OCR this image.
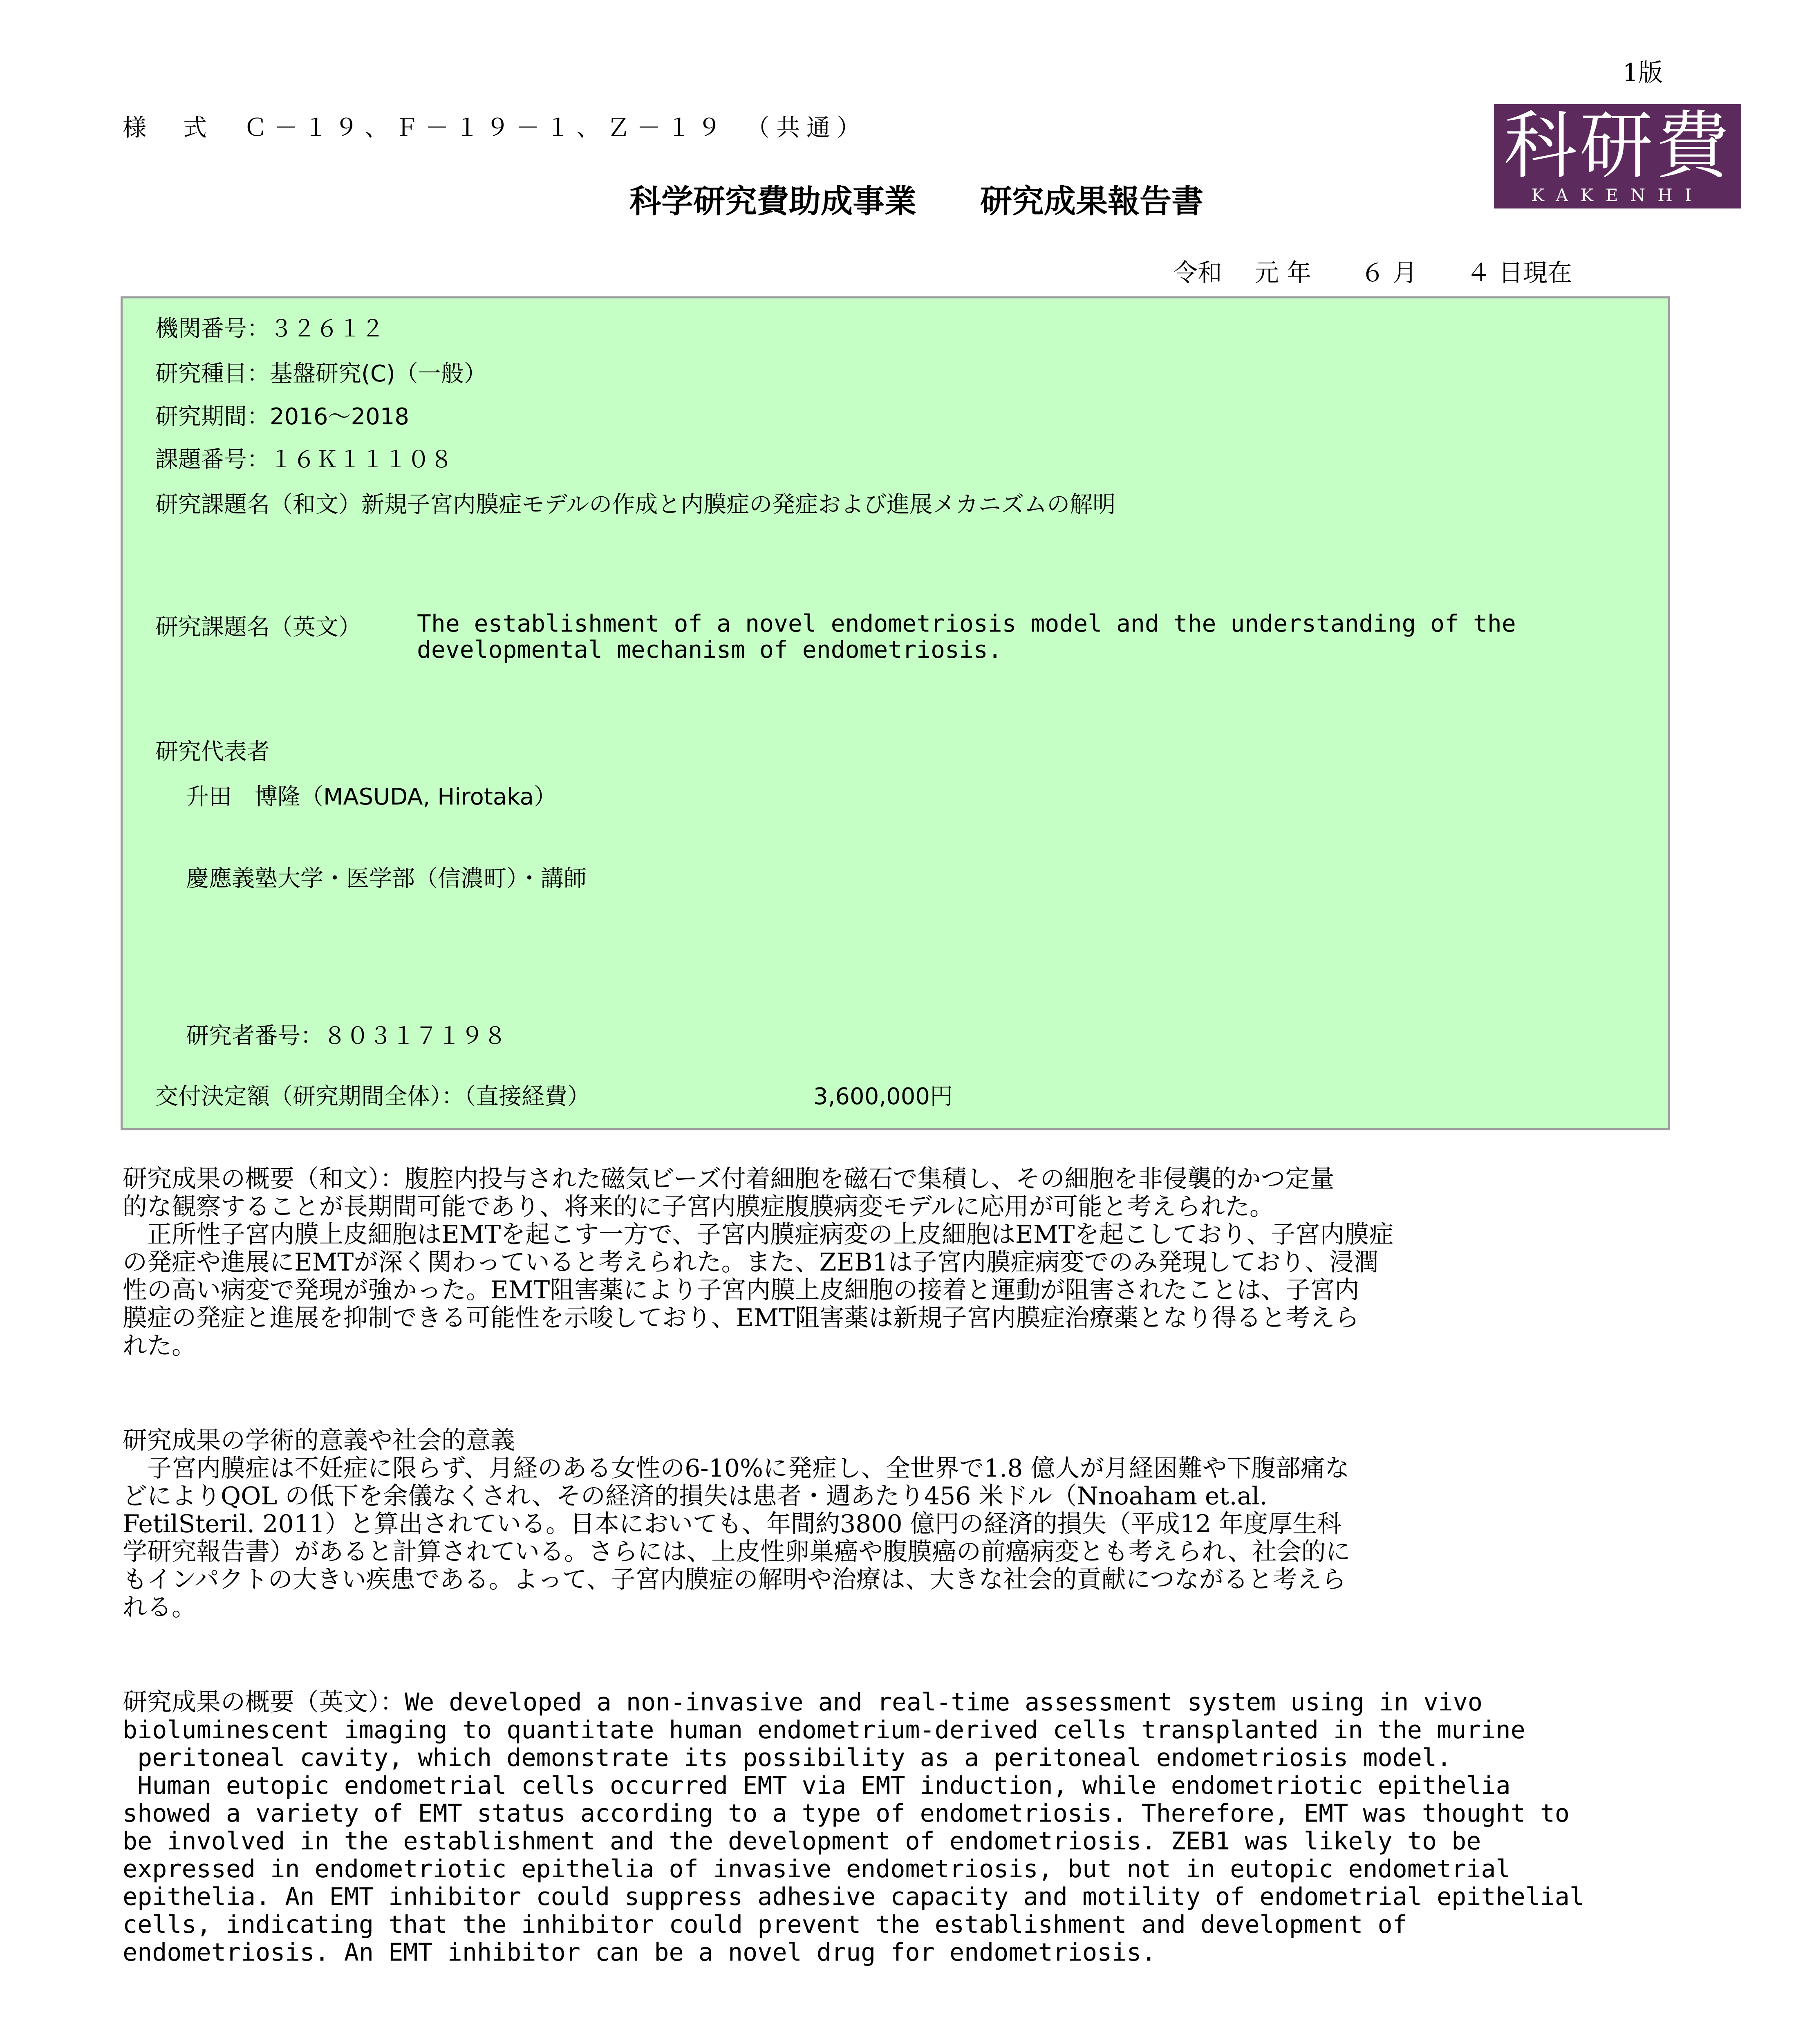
1版
様　式　Ｃ－１９、Ｆ－１９－１、Ｚ－１９　（共通）
科学研究費助成事業　　研究成果報告書
科研費
KAKENHI
令和　 元 年　　６ 月　　４ 日現在
機関番号：３２６１２
研究種目：基盤研究(C)（一般）
研究期間：2016～2018
課題番号：１６Ｋ１１１０８
研究課題名（和文）新規子宮内膜症モデルの作成と内膜症の発症および進展メカニズムの解明
研究課題名（英文） The establishment of a novel endometriosis model and the understanding of the
developmental mechanism of endometriosis.
研究代表者
升田　博隆（MASUDA, Hirotaka）
慶應義塾大学・医学部（信濃町）・講師
研究者番号：８０３１７１９８
交付決定額（研究期間全体）：（直接経費）	3,600,000円
研究成果の概要（和文）：腹腔内投与された磁気ビーズ付着細胞を磁石で集積し、その細胞を非侵襲的かつ定量
的な観察することが長期間可能であり、将来的に子宮内膜症腹膜病変モデルに応用が可能と考えられた。
　正所性子宮内膜上皮細胞はEMTを起こす一方で、子宮内膜症病変の上皮細胞はEMTを起こしており、子宮内膜症
の発症や進展にEMTが深く関わっていると考えられた。また、ZEB1は子宮内膜症病変でのみ発現しており、浸潤
性の高い病変で発現が強かった。EMT阻害薬により子宮内膜上皮細胞の接着と運動が阻害されたことは、子宮内
膜症の発症と進展を抑制できる可能性を示唆しており、EMT阻害薬は新規子宮内膜症治療薬となり得ると考えら
れた。
研究成果の学術的意義や社会的意義
　子宮内膜症は不妊症に限らず、月経のある女性の6-10%に発症し、全世界で1.8 億人が月経困難や下腹部痛な
どによりQOL の低下を余儀なくされ、その経済的損失は患者・週あたり456 米ドル（Nnoaham et.al.
FetilSteril. 2011）と算出されている。日本においても、年間約3800 億円の経済的損失（平成12 年度厚生科
学研究報告書）があると計算されている。さらには、上皮性卵巣癌や腹膜癌の前癌病変とも考えられ、社会的に
もインパクトの大きい疾患である。よって、子宮内膜症の解明や治療は、大きな社会的貢献につながると考えら
れる。
研究成果の概要（英文）：We developed a non-invasive and real-time assessment system using in vivo
bioluminescent imaging to quantitate human endometrium-derived cells transplanted in the murine
peritoneal cavity, which demonstrate its possibility as a peritoneal endometriosis model.
Human eutopic endometrial cells occurred EMT via EMT induction, while endometriotic epithelia
showed a variety of EMT status according to a type of endometriosis. Therefore, EMT was thought to
be involved in the establishment and the development of endometriosis. ZEB1 was likely to be
expressed in endometriotic epithelia of invasive endometriosis, but not in eutopic endometrial
epithelia. An EMT inhibitor could suppress adhesive capacity and motility of endometrial epithelial
cells, indicating that the inhibitor could prevent the establishment and development of
endometriosis. An EMT inhibitor can be a novel drug for endometriosis.
